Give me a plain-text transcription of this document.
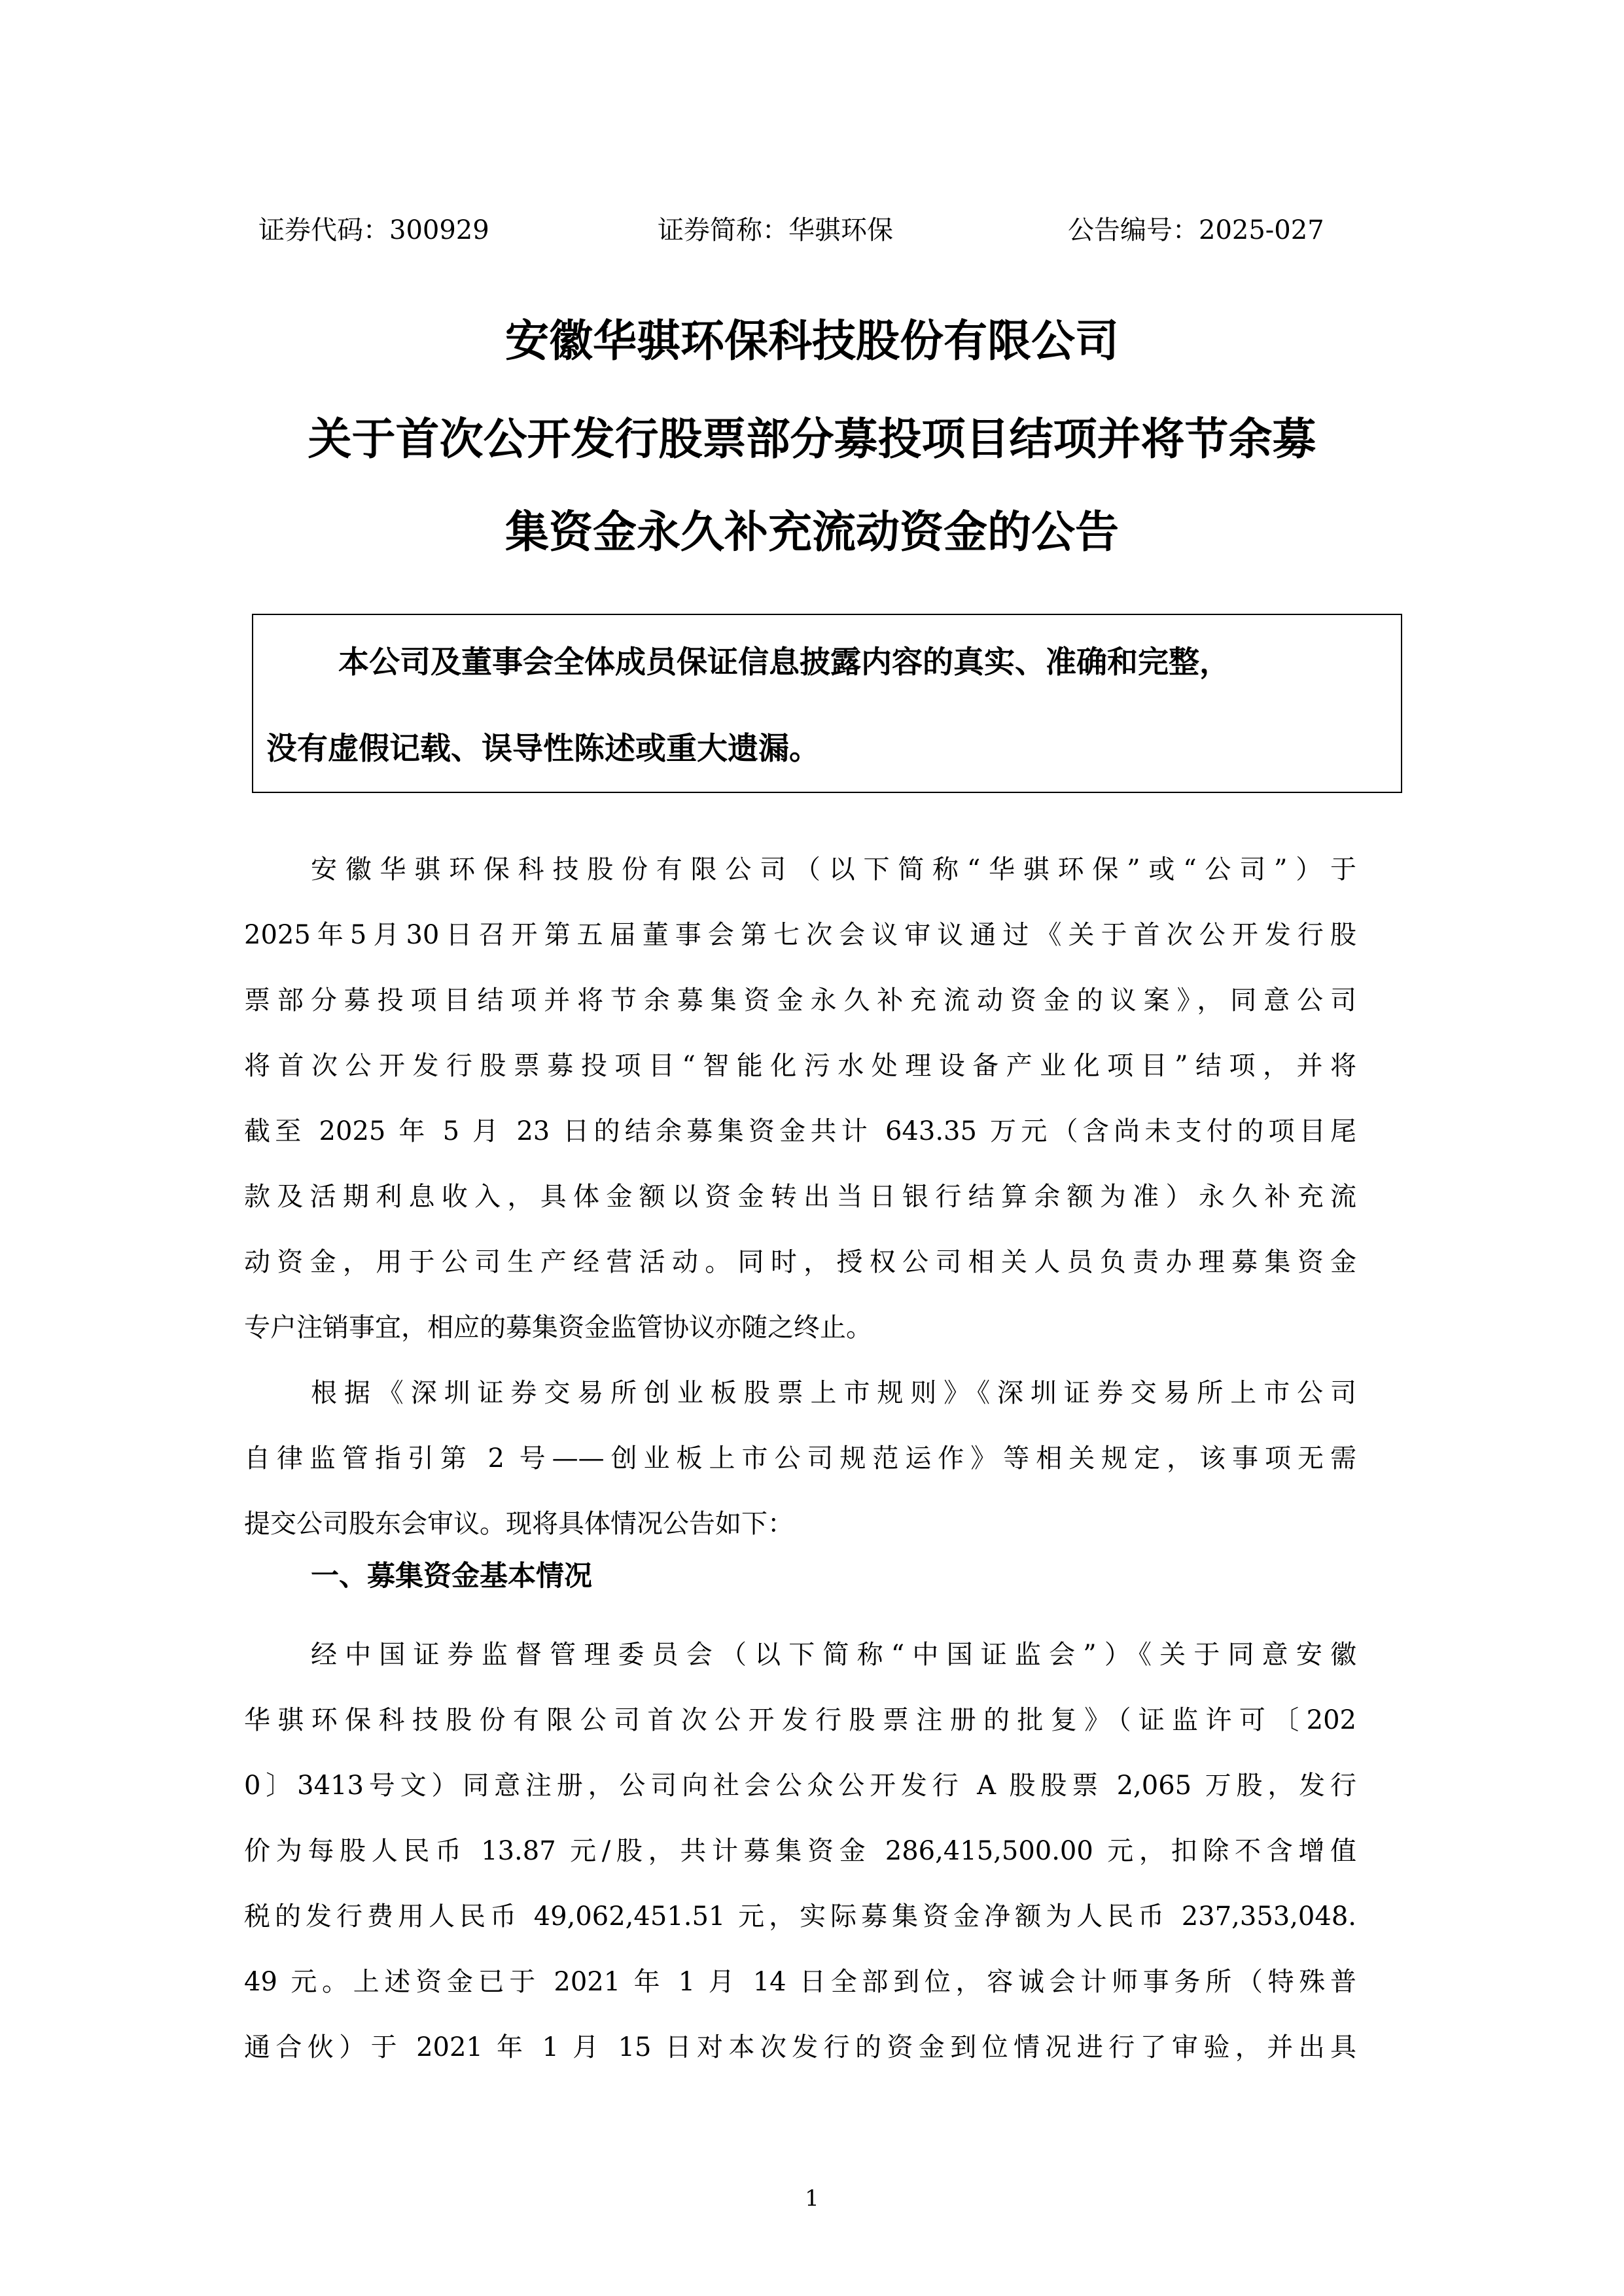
证券代码：300929	证券简称：华骐环保	公告编号：2025-027
安徽华骐环保科技股份有限公司
关于首次公开发行股票部分募投项目结项并将节余募
集资金永久补充流动资金的公告
本公司及董事会全体成员保证信息披露内容的真实、准确和完整，
没有虚假记载、误导性陈述或重大遗漏。
安徽华骐环保科技股份有限公司（以下简称“华骐环保”或“公司”）于
2025年5月30日召开第五届董事会第七次会议审议通过《关于首次公开发行股
票部分募投项目结项并将节余募集资金永久补充流动资金的议案》，同意公司
将首次公开发行股票募投项目“智能化污水处理设备产业化项目”结项，并将
截至 2025 年 5 月 23 日的结余募集资金共计 643.35 万元（含尚未支付的项目尾
款及活期利息收入，具体金额以资金转出当日银行结算余额为准）永久补充流
动资金，用于公司生产经营活动。同时，授权公司相关人员负责办理募集资金
专户注销事宜，相应的募集资金监管协议亦随之终止。
根据《深圳证券交易所创业板股票上市规则》《深圳证券交易所上市公司
自律监管指引第 2 号——创业板上市公司规范运作》等相关规定，该事项无需
提交公司股东会审议。现将具体情况公告如下：
一、募集资金基本情况
经中国证券监督管理委员会（以下简称“中国证监会”）《关于同意安徽
华骐环保科技股份有限公司首次公开发行股票注册的批复》（证监许可〔202
0〕3413号文）同意注册，公司向社会公众公开发行 A 股股票 2,065 万股，发行
价为每股人民币 13.87 元/股，共计募集资金 286,415,500.00 元，扣除不含增值
税的发行费用人民币 49,062,451.51 元，实际募集资金净额为人民币 237,353,048.
49 元。上述资金已于 2021 年 1 月 14 日全部到位，容诚会计师事务所（特殊普
通合伙）于 2021 年 1 月 15 日对本次发行的资金到位情况进行了审验，并出具
1
